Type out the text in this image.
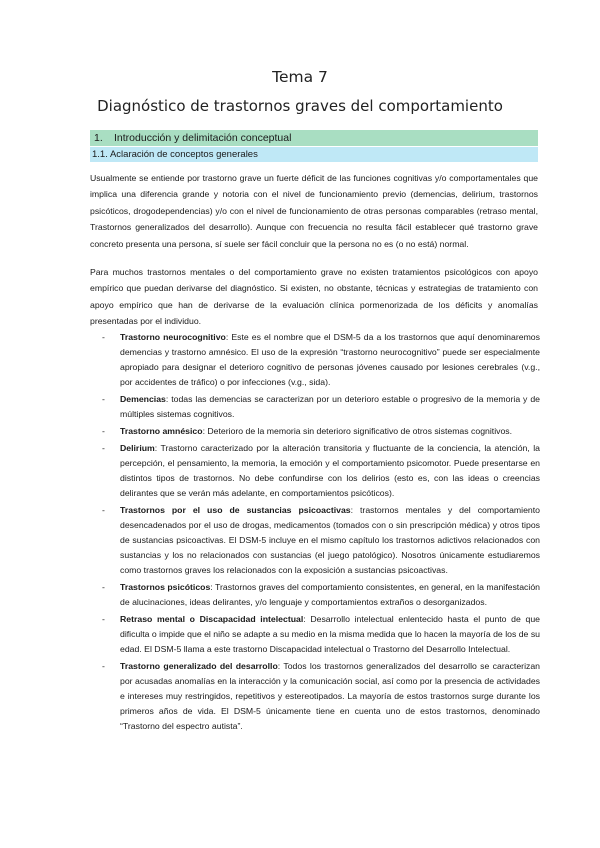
Tema 7
Diagnóstico de trastornos graves del comportamiento
1. Introducción y delimitación conceptual
1.1. Aclaración de conceptos generales

Usualmente se entiende por trastorno grave un fuerte déficit de las funciones cognitivas y/o comportamentales que implica una diferencia grande y notoria con el nivel de funcionamiento previo (demencias, delirium, trastornos psicóticos, drogodependencias) y/o con el nivel de funcionamiento de otras personas comparables (retraso mental, Trastornos generalizados del desarrollo). Aunque con frecuencia no resulta fácil establecer qué trastorno grave concreto presenta una persona, sí suele ser fácil concluir que la persona no es (o no está) normal.

Para muchos trastornos mentales o del comportamiento grave no existen tratamientos psicológicos con apoyo empírico que puedan derivarse del diagnóstico. Si existen, no obstante, técnicas y estrategias de tratamiento con apoyo empírico que han de derivarse de la evaluación clínica pormenorizada de los déficits y anomalías presentadas por el individuo.

- Trastorno neurocognitivo: Este es el nombre que el DSM-5 da a los trastornos que aquí denominaremos demencias y trastorno amnésico. El uso de la expresión “trastorno neurocognitivo” puede ser especialmente apropiado para designar el deterioro cognitivo de personas jóvenes causado por lesiones cerebrales (v.g., por accidentes de tráfico) o por infecciones (v.g., sida).
- Demencias: todas las demencias se caracterizan por un deterioro estable o progresivo de la memoria y de múltiples sistemas cognitivos.
- Trastorno amnésico: Deterioro de la memoria sin deterioro significativo de otros sistemas cognitivos.
- Delirium: Trastorno caracterizado por la alteración transitoria y fluctuante de la conciencia, la atención, la percepción, el pensamiento, la memoria, la emoción y el comportamiento psicomotor. Puede presentarse en distintos tipos de trastornos. No debe confundirse con los delirios (esto es, con las ideas o creencias delirantes que se verán más adelante, en comportamientos psicóticos).
- Trastornos por el uso de sustancias psicoactivas: trastornos mentales y del comportamiento desencadenados por el uso de drogas, medicamentos (tomados con o sin prescripción médica) y otros tipos de sustancias psicoactivas. El DSM-5 incluye en el mismo capítulo los trastornos adictivos relacionados con sustancias y los no relacionados con sustancias (el juego patológico). Nosotros únicamente estudiaremos como trastornos graves los relacionados con la exposición a sustancias psicoactivas.
- Trastornos psicóticos: Trastornos graves del comportamiento consistentes, en general, en la manifestación de alucinaciones, ideas delirantes, y/o lenguaje y comportamientos extraños o desorganizados.
- Retraso mental o Discapacidad intelectual: Desarrollo intelectual enlentecido hasta el punto de que dificulta o impide que el niño se adapte a su medio en la misma medida que lo hacen la mayoría de los de su edad. El DSM-5 llama a este trastorno Discapacidad intelectual o Trastorno del Desarrollo Intelectual.
- Trastorno generalizado del desarrollo: Todos los trastornos generalizados del desarrollo se caracterizan por acusadas anomalías en la interacción y la comunicación social, así como por la presencia de actividades e intereses muy restringidos, repetitivos y estereotipados. La mayoría de estos trastornos surge durante los primeros años de vida. El DSM-5 únicamente tiene en cuenta uno de estos trastornos, denominado “Trastorno del espectro autista”.
